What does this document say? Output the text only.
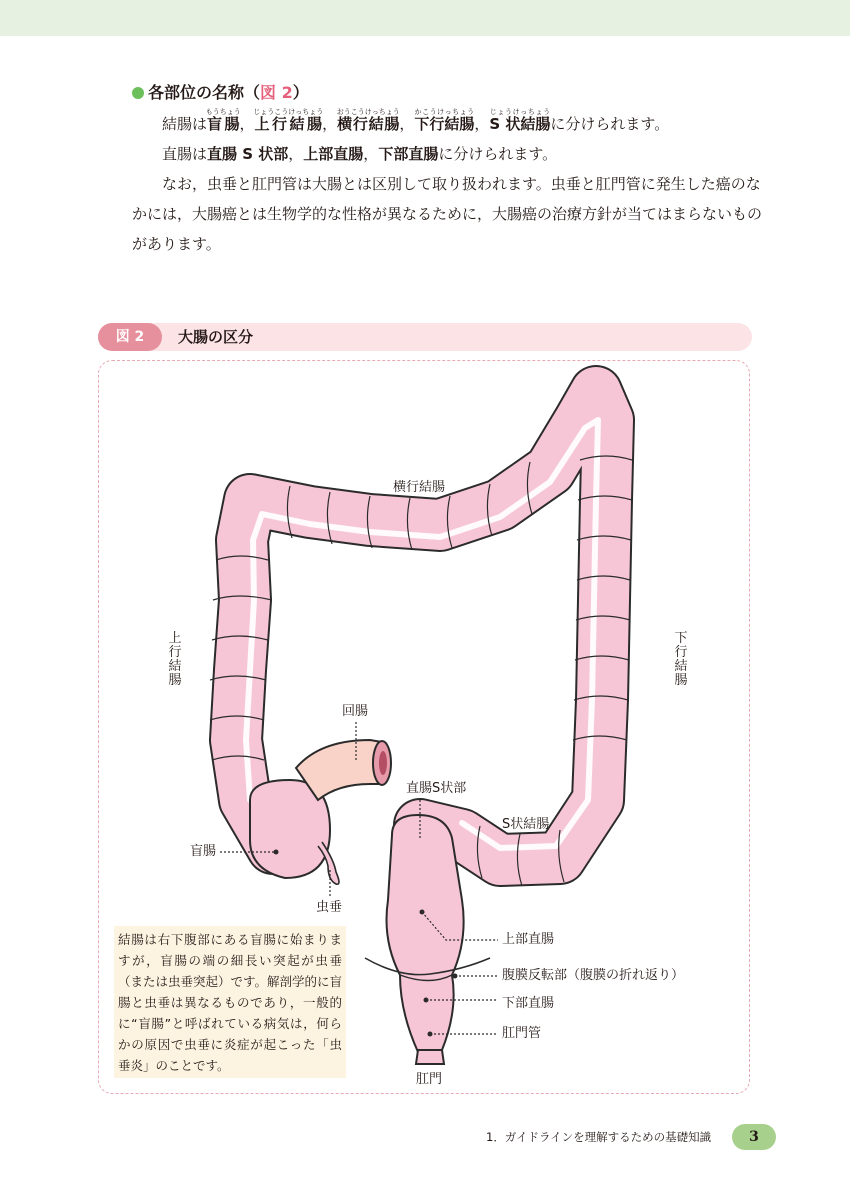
各部位の名称（図 2）

結腸は盲腸もうちょう，上行結腸じょうこうけっちょう，横行結腸おうこうけっちょう，下行結腸かこうけっちょう，S 状結腸じょうけっちょうに分けられます。

直腸は直腸 S 状部，上部直腸，下部直腸に分けられます。

なお，虫垂と肛門管は大腸とは区別して取り扱われます。虫垂と肛門管に発生した癌のなかには，大腸癌とは生物学的な性格が異なるために，大腸癌の治療方針が当てはまらないものがあります。

図 2	大腸の区分
横行結腸
上行結腸
下行結腸
回腸
直腸S状部
S状結腸
盲腸
虫垂
上部直腸
腹膜反転部（腹膜の折れ返り）
下部直腸
肛門管
肛門
結腸は右下腹部にある盲腸に始まりますが，盲腸の端の細長い突起が虫垂（または虫垂突起）です。解剖学的に盲腸と虫垂は異なるものであり，一般的に“盲腸”と呼ばれている病気は，何らかの原因で虫垂に炎症が起こった「虫垂炎」のことです。
1．ガイドラインを理解するための基礎知識	3
